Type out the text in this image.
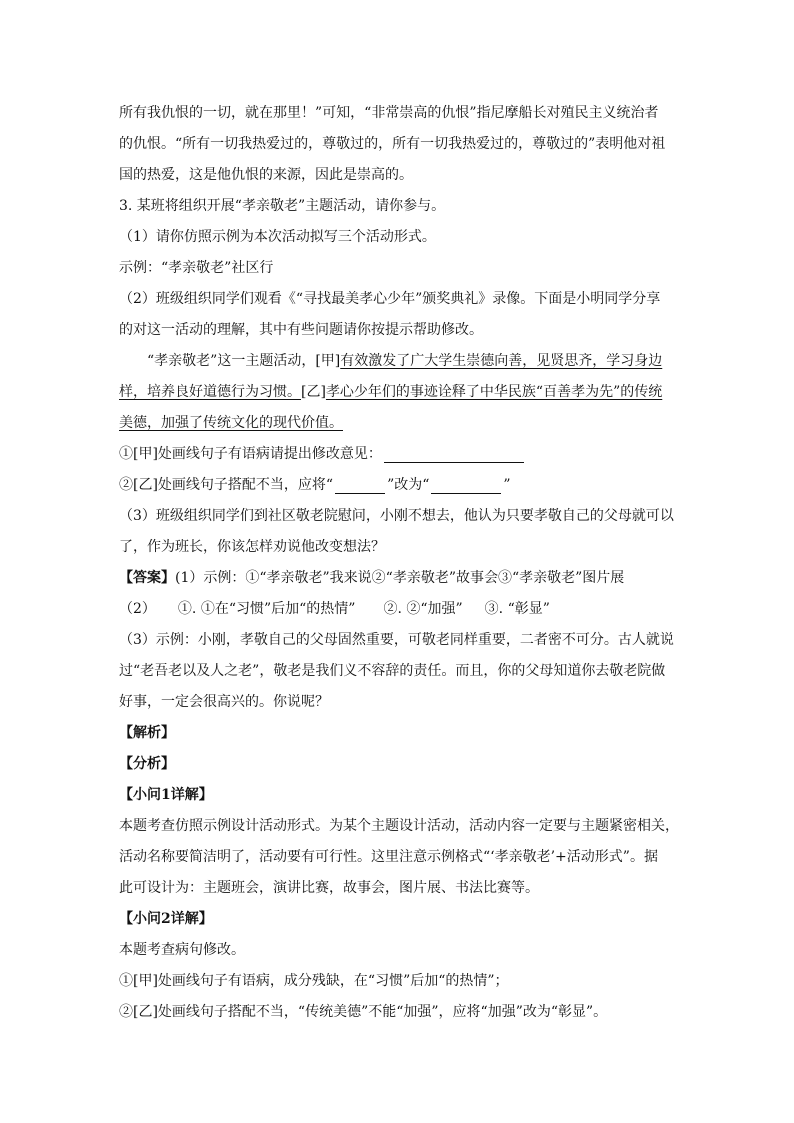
所有我仇恨的一切，就在那里！”可知，“非常崇高的仇恨”指尼摩船长对殖民主义统治者
的仇恨。“所有一切我热爱过的，尊敬过的，所有一切我热爱过的，尊敬过的”表明他对祖
国的热爱，这是他仇恨的来源，因此是崇高的。
3. 某班将组织开展“孝亲敬老”主题活动，请你参与。
（1）请你仿照示例为本次活动拟写三个活动形式。
示例：“孝亲敬老”社区行
（2）班级组织同学们观看《“寻找最美孝心少年”颁奖典礼》录像。下面是小明同学分享
的对这一活动的理解，其中有些问题请你按提示帮助修改。
“孝亲敬老”这一主题活动，[甲] 有效激发了广大学生崇德向善，见贤思齐，学习身边
样，培养良好道德行为习惯。 [乙] 孝心少年们的事迹诠释了中华民族“百善孝为先”的传统
美德，加强了传统文化的现代价值。
①[甲]处画线句子有语病请提出修改意见：
②[乙]处画线句子搭配不当，应将“	”改为“	”
（3）班级组织同学们到社区敬老院慰问，小刚不想去，他认为只要孝敬自己的父母就可以
了，作为班长，你该怎样劝说他改变想法？
【答案】 (1）示例：①“孝亲敬老”我来说②“孝亲敬老”故事会③“孝亲敬老”图片展
（2） ①. ①在“习惯”后加“的热情” ②. ②“加强” ③. “彰显”
（3）示例：小刚，孝敬自己的父母固然重要，可敬老同样重要，二者密不可分。古人就说
过“老吾老以及人之老”，敬老是我们义不容辞的责任。而且，你的父母知道你去敬老院做
好事，一定会很高兴的。你说呢？
【解析】
【分析】
【小问1详解】
本题考查仿照示例设计活动形式。为某个主题设计活动，活动内容一定要与主题紧密相关，
活动名称要简洁明了，活动要有可行性。这里注意示例格式“‘孝亲敬老’+活动形式”。据
此可设计为：主题班会，演讲比赛，故事会，图片展、书法比赛等。
【小问2详解】
本题考查病句修改。
①[甲]处画线句子有语病，成分残缺，在“习惯”后加“的热情”；
②[乙]处画线句子搭配不当，“传统美德”不能“加强”，应将“加强”改为“彰显”。
